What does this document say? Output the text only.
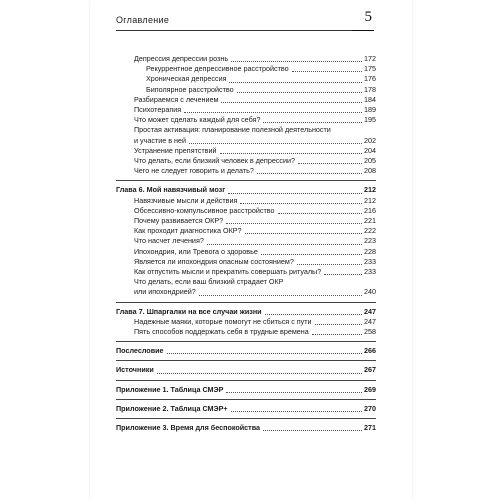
Оглавление	5
Депрессия депрессии рознь	172
Рекуррентное депрессивное расстройство	175
Хроническая депрессия	176
Биполярное расстройство	178
Разбираемся с лечением	184
Психотерапия	189
Что может сделать каждый для себя?	195
Простая активация: планирование полезной деятельности
и участие в ней	202
Устранение препятствий	204
Что делать, если близкий человек в депрессии?	205
Чего не следует говорить и делать?	208
Глава 6. Мой навязчивый мозг	212
Навязчивые мысли и действия	212
Обсессивно-компульсивное расстройство	216
Почему развивается ОКР?	221
Как проходит диагностика ОКР?	222
Что насчет лечения?	223
Ипохондрия, или Тревога о здоровье	228
Является ли ипохондрия опасным состоянием?	233
Как отпустить мысли и прекратить совершать ритуалы?	233
Что делать, если ваш близкий страдает ОКР
или ипохондрией?	240
Глава 7. Шпаргалки на все случаи жизни	247
Надежные маяки, которые помогут не сбиться с пути	247
Пять способов поддержать себя в трудные времена	258
Послесловие	266
Источники	267
Приложение 1. Таблица СМЭР	269
Приложение 2. Таблица СМЭР+	270
Приложение 3. Время для беспокойства	271
